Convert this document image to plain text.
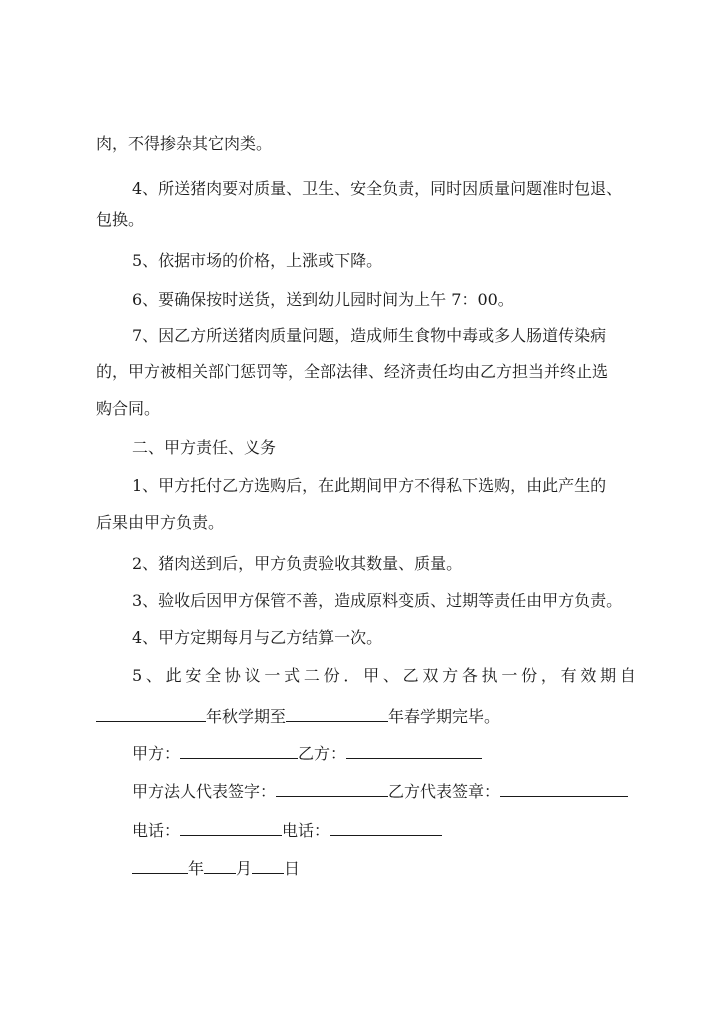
肉，不得掺杂其它肉类。
4、所送猪肉要对质量、卫生、安全负责，同时因质量问题准时包退、
包换。
5、依据市场的价格，上涨或下降。
6、要确保按时送货，送到幼儿园时间为上午 7：00。
7、因乙方所送猪肉质量问题，造成师生食物中毒或多人肠道传染病
的，甲方被相关部门惩罚等，全部法律、经济责任均由乙方担当并终止选
购合同。
二、甲方责任、义务
1、甲方托付乙方选购后，在此期间甲方不得私下选购，由此产生的
后果由甲方负责。
2、猪肉送到后，甲方负责验收其数量、质量。
3、验收后因甲方保管不善，造成原料变质、过期等责任由甲方负责。
4、甲方定期每月与乙方结算一次。
5 、 此 安 全 协 议 一 式 二 份 ． 甲 、 乙 双 方 各 执 一 份 ， 有 效 期 自
年秋学期至	年春学期完毕。
甲方：	乙方：
甲方法人代表签字：	乙方代表签章：
电话：	电话：
年 月 日
